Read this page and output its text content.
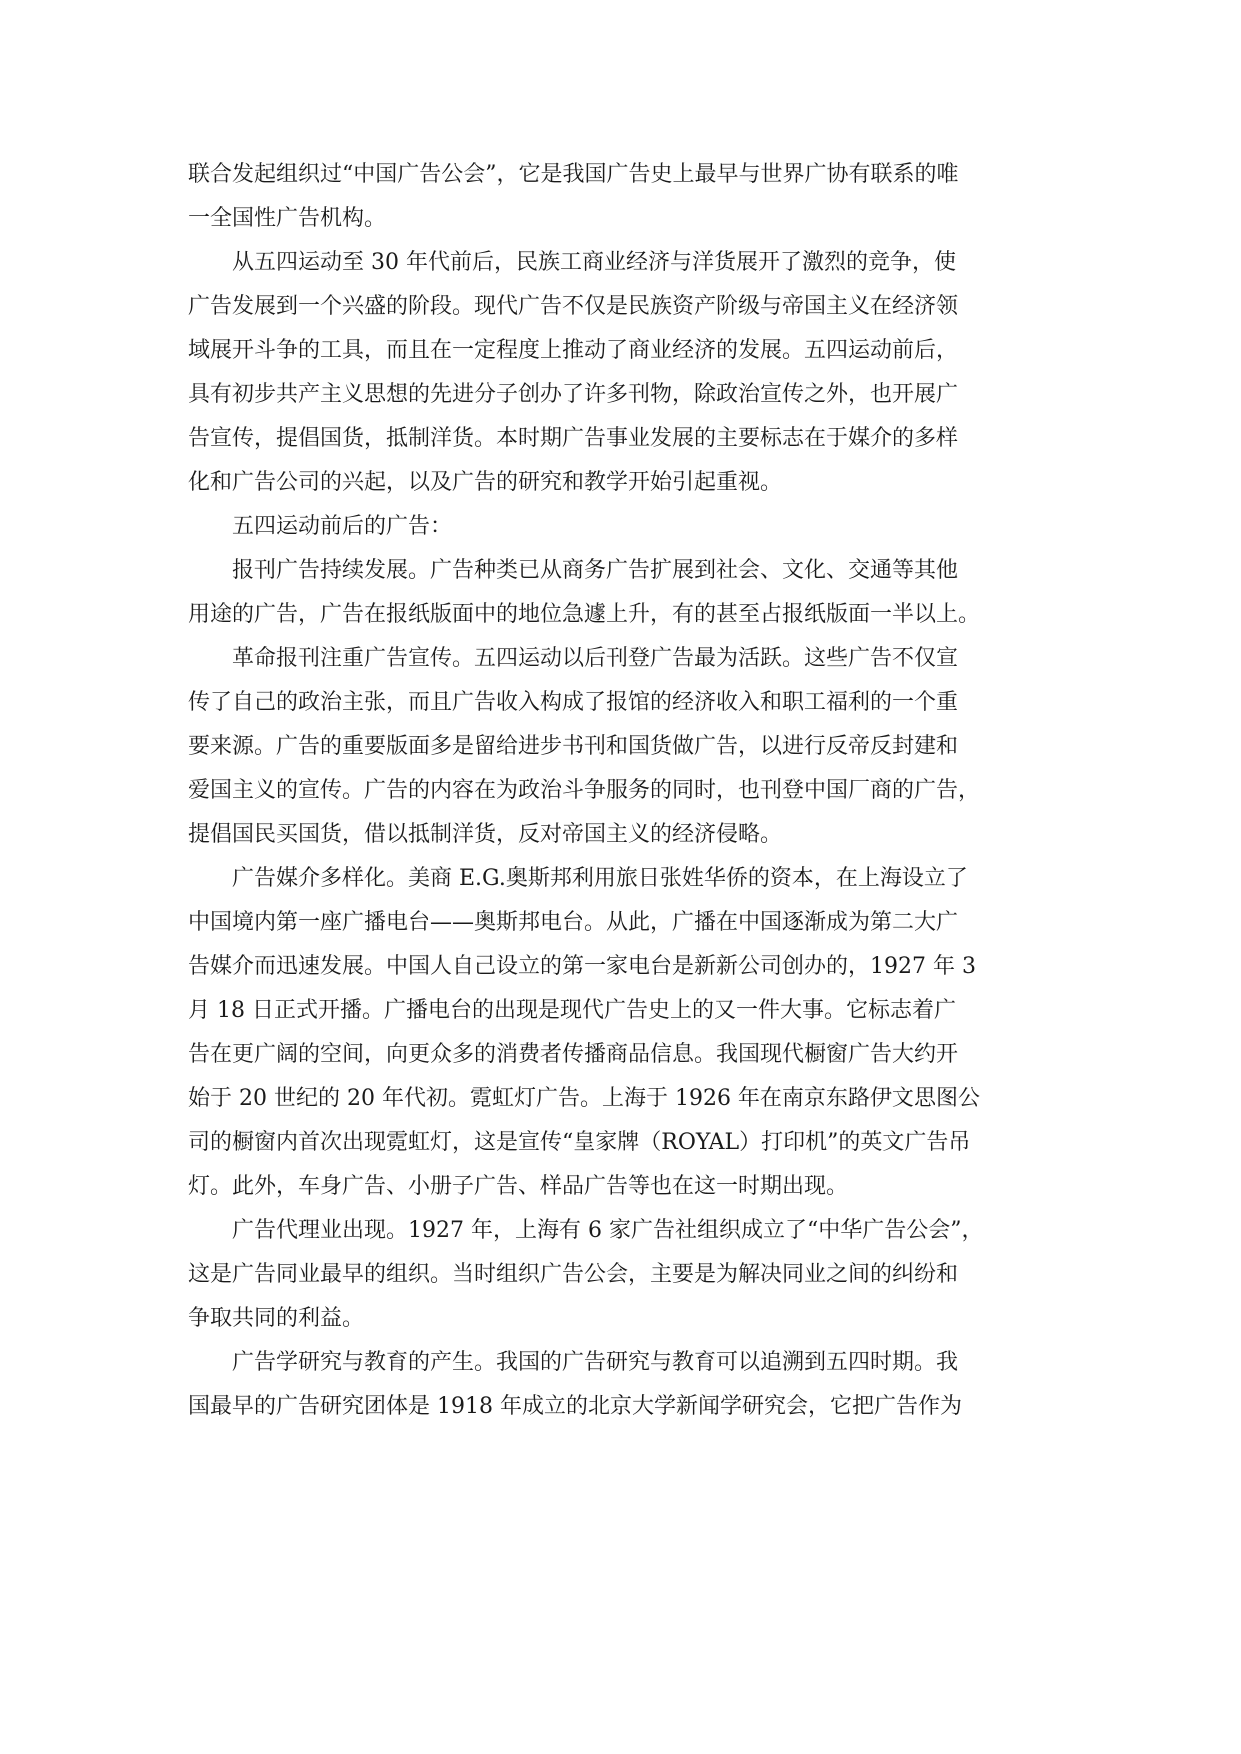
联合发起组织过“中国广告公会”，它是我国广告史上最早与世界广协有联系的唯
一全国性广告机构。

从五四运动至 30 年代前后，民族工商业经济与洋货展开了激烈的竞争，使
广告发展到一个兴盛的阶段。现代广告不仅是民族资产阶级与帝国主义在经济领
域展开斗争的工具，而且在一定程度上推动了商业经济的发展。五四运动前后，
具有初步共产主义思想的先进分子创办了许多刊物，除政治宣传之外，也开展广
告宣传，提倡国货，抵制洋货。本时期广告事业发展的主要标志在于媒介的多样
化和广告公司的兴起，以及广告的研究和教学开始引起重视。

五四运动前后的广告：

报刊广告持续发展。广告种类已从商务广告扩展到社会、文化、交通等其他
用途的广告，广告在报纸版面中的地位急遽上升，有的甚至占报纸版面一半以上。

革命报刊注重广告宣传。五四运动以后刊登广告最为活跃。这些广告不仅宣
传了自己的政治主张，而且广告收入构成了报馆的经济收入和职工福利的一个重
要来源。广告的重要版面多是留给进步书刊和国货做广告，以进行反帝反封建和
爱国主义的宣传。广告的内容在为政治斗争服务的同时，也刊登中国厂商的广告，
提倡国民买国货，借以抵制洋货，反对帝国主义的经济侵略。

广告媒介多样化。美商 E.G.奥斯邦利用旅日张姓华侨的资本，在上海设立了
中国境内第一座广播电台——奥斯邦电台。从此，广播在中国逐渐成为第二大广
告媒介而迅速发展。中国人自己设立的第一家电台是新新公司创办的，1927 年 3
月 18 日正式开播。广播电台的出现是现代广告史上的又一件大事。它标志着广
告在更广阔的空间，向更众多的消费者传播商品信息。我国现代橱窗广告大约开
始于 20 世纪的 20 年代初。霓虹灯广告。上海于 1926 年在南京东路伊文思图公
司的橱窗内首次出现霓虹灯，这是宣传“皇家牌（ROYAL）打印机”的英文广告吊
灯。此外，车身广告、小册子广告、样品广告等也在这一时期出现。

广告代理业出现。1927 年，上海有 6 家广告社组织成立了“中华广告公会”，
这是广告同业最早的组织。当时组织广告公会，主要是为解决同业之间的纠纷和
争取共同的利益。

广告学研究与教育的产生。我国的广告研究与教育可以追溯到五四时期。我
国最早的广告研究团体是 1918 年成立的北京大学新闻学研究会，它把广告作为
